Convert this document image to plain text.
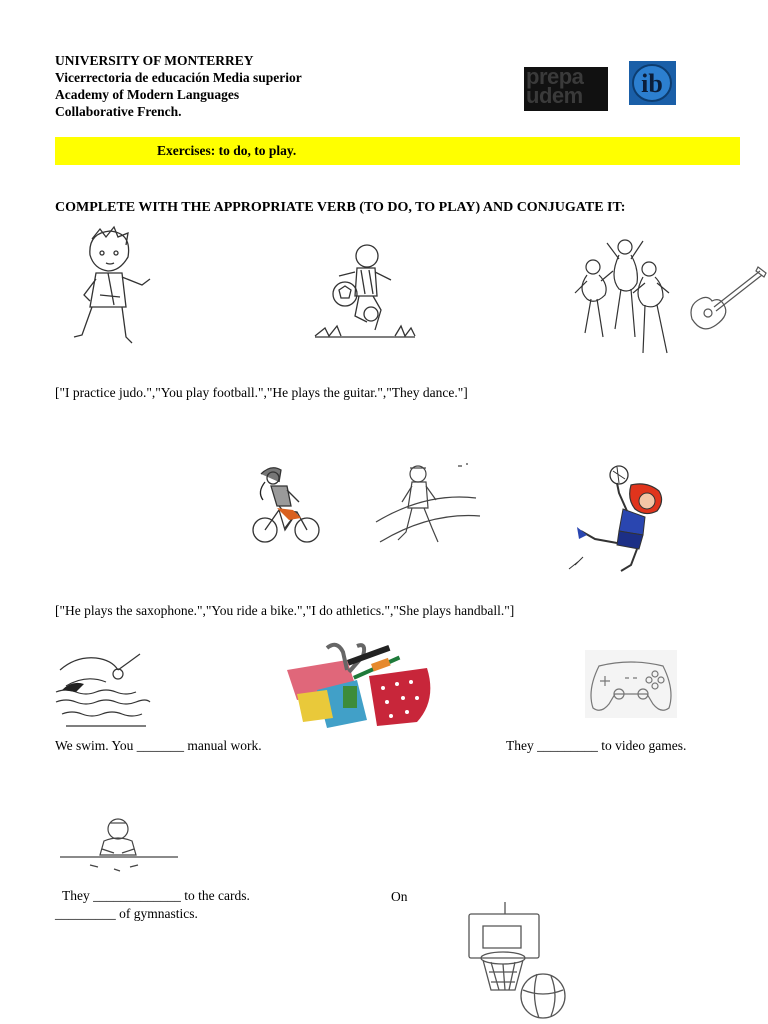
UNIVERSITY OF MONTERREY
Vicerrectoria de educación Media superior
Academy of Modern Languages
Collaborative French.
prepa
udem	ib
Exercises: to do, to play.
COMPLETE WITH THE APPROPRIATE VERB (TO DO, TO PLAY) AND CONJUGATE IT:
["I practice judo.","You play football.","He plays the guitar.","They dance."]
["He plays the saxophone.","You ride a bike.","I do athletics.","She plays handball."]
We swim. You _______ manual work.	They _________ to video games.
They _____________ to the cards.	On
_________ of gymnastics.
